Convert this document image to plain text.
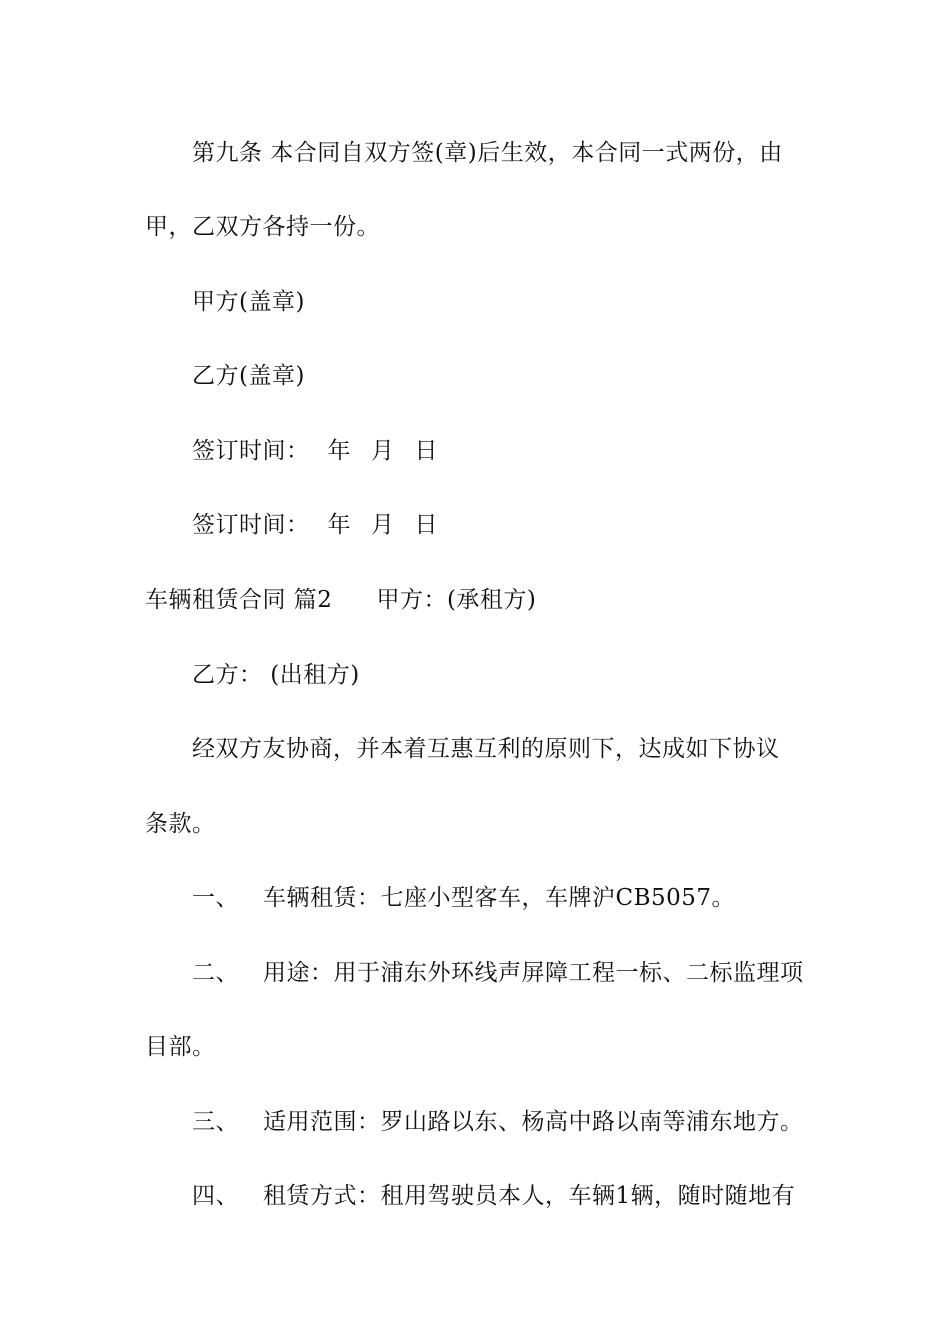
第九条 本合同自双方签(章)后生效，本合同一式两份，由
甲，乙双方各持一份。
甲方(盖章)
乙方(盖章)
签订时间： 年 月 日
签订时间： 年 月 日
车辆租赁合同 篇2 甲方：(承租方)
乙方： (出租方)
经双方友协商，并本着互惠互利的原则下，达成如下协议
条款。
一、 车辆租赁：七座小型客车，车牌沪CB5057。
二、 用途：用于浦东外环线声屏障工程一标、二标监理项
目部。
三、 适用范围：罗山路以东、杨高中路以南等浦东地方。
四、 租赁方式：租用驾驶员本人，车辆1辆，随时随地有
